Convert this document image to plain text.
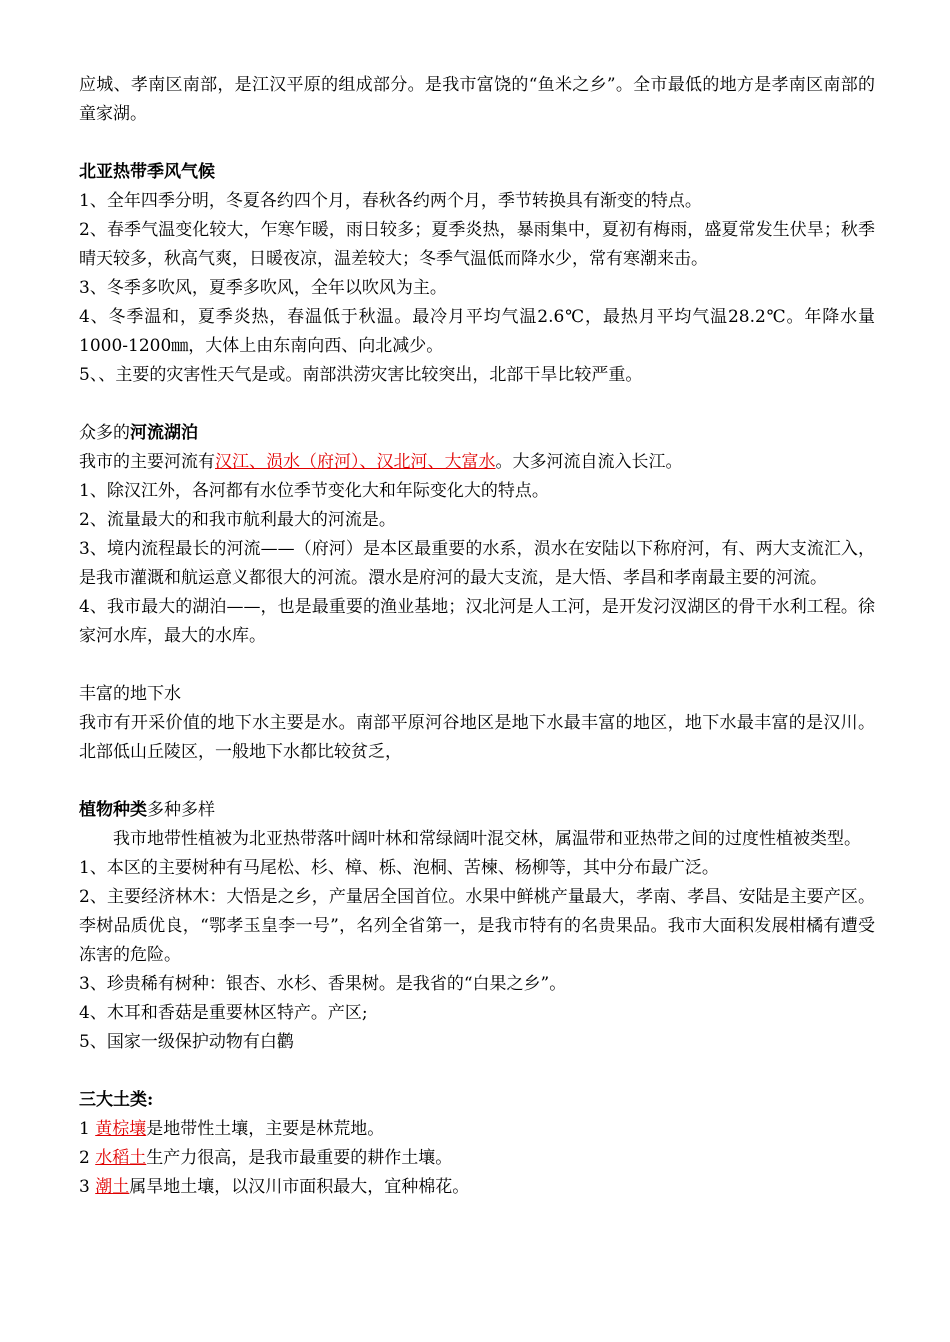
应城、孝南区南部，是江汉平原的组成部分。是我市富饶的“鱼米之乡”。全市最低的地方是孝南区南部的童家湖。

北亚热带季风气候

1、全年四季分明，冬夏各约四个月，春秋各约两个月，季节转换具有渐变的特点。

2、春季气温变化较大，乍寒乍暖，雨日较多；夏季炎热，暴雨集中，夏初有梅雨，盛夏常发生伏旱；秋季晴天较多，秋高气爽，日暖夜凉，温差较大；冬季气温低而降水少，常有寒潮来击。

3、冬季多吹风，夏季多吹风，全年以吹风为主。

4、冬季温和，夏季炎热，春温低于秋温。最冷月平均气温2.6℃，最热月平均气温28.2℃。年降水量1000-1200㎜，大体上由东南向西、向北减少。

5、、主要的灾害性天气是或。南部洪涝灾害比较突出，北部干旱比较严重。

众多的河流湖泊

我市的主要河流有汉江、涢水（府河）、汉北河、大富水。大多河流自流入长江。

1、除汉江外，各河都有水位季节变化大和年际变化大的特点。

2、流量最大的和我市航利最大的河流是。

3、境内流程最长的河流——（府河）是本区最重要的水系，涢水在安陆以下称府河，有、两大支流汇入，是我市灌溉和航运意义都很大的河流。澴水是府河的最大支流，是大悟、孝昌和孝南最主要的河流。

4、我市最大的湖泊——，也是最重要的渔业基地；汉北河是人工河，是开发汈汊湖区的骨干水利工程。徐家河水库，最大的水库。

丰富的地下水

我市有开采价值的地下水主要是水。南部平原河谷地区是地下水最丰富的地区，地下水最丰富的是汉川。北部低山丘陵区，一般地下水都比较贫乏，

植物种类多种多样

我市地带性植被为北亚热带落叶阔叶林和常绿阔叶混交林，属温带和亚热带之间的过度性植被类型。

1、本区的主要树种有马尾松、杉、樟、栎、泡桐、苦楝、杨柳等，其中分布最广泛。

2、主要经济林木：大悟是之乡，产量居全国首位。水果中鲜桃产量最大，孝南、孝昌、安陆是主要产区。李树品质优良，“鄂孝玉皇李一号”，名列全省第一，是我市特有的名贵果品。我市大面积发展柑橘有遭受冻害的危险。

3、珍贵稀有树种：银杏、水杉、香果树。是我省的“白果之乡”。

4、木耳和香菇是重要林区特产。产区;

5、国家一级保护动物有白鹳

三大土类:

1 黄棕壤是地带性土壤，主要是林荒地。

2 水稻土生产力很高，是我市最重要的耕作土壤。

3 潮土属旱地土壤，以汉川市面积最大，宜种棉花。
